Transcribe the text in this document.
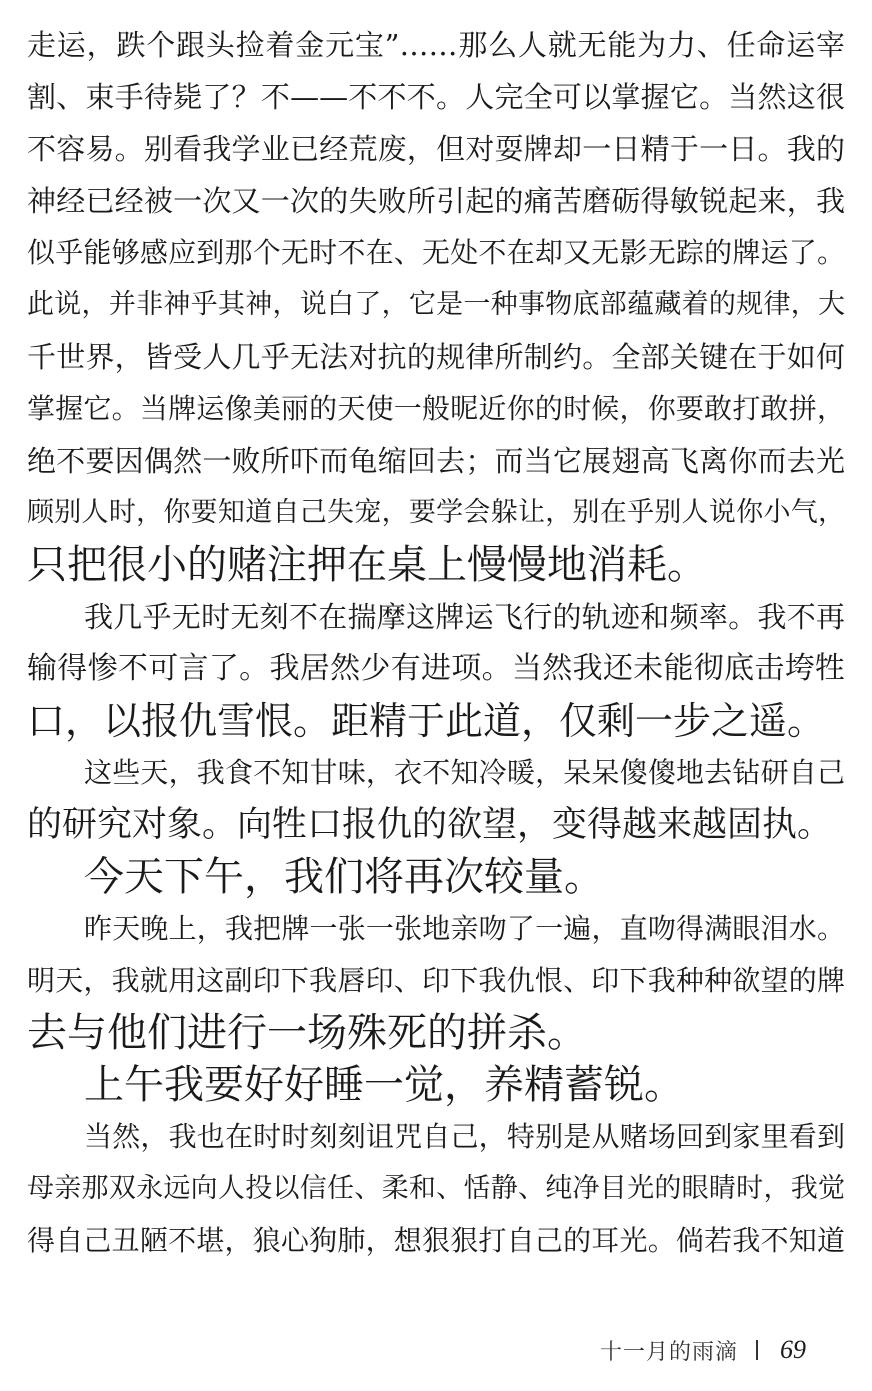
走运，跌个跟头捡着金元宝”……那么人就无能为力、任命运宰
割、束手待毙了？不——不不不。人完全可以掌握它。当然这很
不容易。别看我学业已经荒废，但对耍牌却一日精于一日。我的
神经已经被一次又一次的失败所引起的痛苦磨砺得敏锐起来，我
似乎能够感应到那个无时不在、无处不在却又无影无踪的牌运了。
此说，并非神乎其神，说白了，它是一种事物底部蕴藏着的规律，大
千世界，皆受人几乎无法对抗的规律所制约。全部关键在于如何
掌握它。当牌运像美丽的天使一般昵近你的时候，你要敢打敢拼，
绝不要因偶然一败所吓而龟缩回去；而当它展翅高飞离你而去光
顾别人时，你要知道自己失宠，要学会躲让，别在乎别人说你小气，
只把很小的赌注押在桌上慢慢地消耗。
我几乎无时无刻不在揣摩这牌运飞行的轨迹和频率。我不再
输得惨不可言了。我居然少有进项。当然我还未能彻底击垮牲
口，以报仇雪恨。距精于此道，仅剩一步之遥。
这些天，我食不知甘味，衣不知冷暖，呆呆傻傻地去钻研自己
的研究对象。向牲口报仇的欲望，变得越来越固执。
今天下午，我们将再次较量。
昨天晚上，我把牌一张一张地亲吻了一遍，直吻得满眼泪水。
明天，我就用这副印下我唇印、印下我仇恨、印下我种种欲望的牌
去与他们进行一场殊死的拼杀。
上午我要好好睡一觉，养精蓄锐。
当然，我也在时时刻刻诅咒自己，特别是从赌场回到家里看到
母亲那双永远向人投以信任、柔和、恬静、纯净目光的眼睛时，我觉
得自己丑陋不堪，狼心狗肺，想狠狠打自己的耳光。倘若我不知道
十一月的雨滴 69
